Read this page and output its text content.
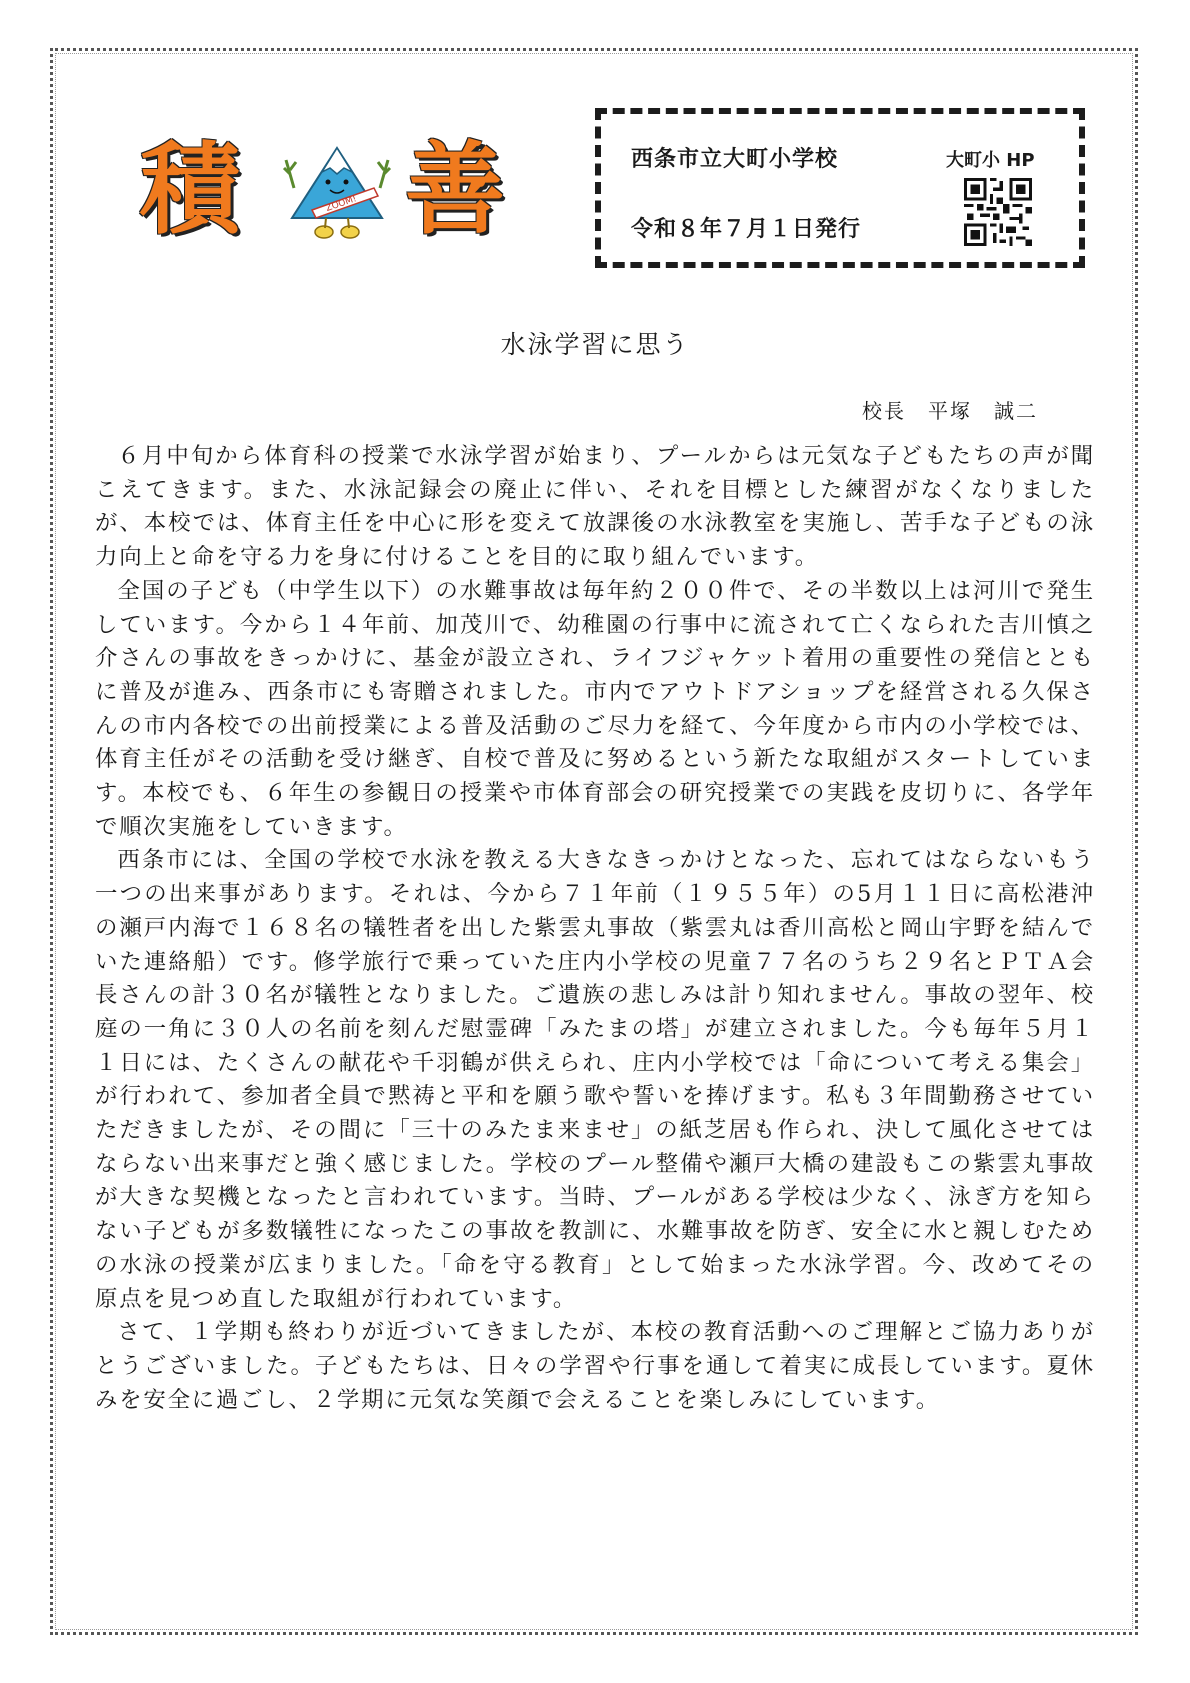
積	ZOOM! 善	西条市立大町小学校
令和８年７月１日発行
大町小 HP
水泳学習に思う
校長　平塚　誠二

６月中旬から体育科の授業で水泳学習が始まり、プールからは元気な子どもたちの声が聞こえてきます。また、水泳記録会の廃止に伴い、それを目標とした練習がなくなりましたが、本校では、体育主任を中心に形を変えて放課後の水泳教室を実施し、苦手な子どもの泳力向上と命を守る力を身に付けることを目的に取り組んでいます。

全国の子ども（中学生以下）の水難事故は毎年約２００件で、その半数以上は河川で発生しています。今から１４年前、加茂川で、幼稚園の行事中に流されて亡くなられた吉川慎之介さんの事故をきっかけに、基金が設立され、ライフジャケット着用の重要性の発信とともに普及が進み、西条市にも寄贈されました。市内でアウトドアショップを経営される久保さんの市内各校での出前授業による普及活動のご尽力を経て、今年度から市内の小学校では、体育主任がその活動を受け継ぎ、自校で普及に努めるという新たな取組がスタートしています。本校でも、６年生の参観日の授業や市体育部会の研究授業での実践を皮切りに、各学年で順次実施をしていきます。

西条市には、全国の学校で水泳を教える大きなきっかけとなった、忘れてはならないもう一つの出来事があります。それは、今から７１年前（１９５５年）の5月１１日に高松港沖の瀬戸内海で１６８名の犠牲者を出した紫雲丸事故（紫雲丸は香川高松と岡山宇野を結んでいた連絡船）です。修学旅行で乗っていた庄内小学校の児童７７名のうち２９名とＰＴＡ会長さんの計３０名が犠牲となりました。ご遺族の悲しみは計り知れません。事故の翌年、校庭の一角に３０人の名前を刻んだ慰霊碑「みたまの塔」が建立されました。今も毎年５月１１日には、たくさんの献花や千羽鶴が供えられ、庄内小学校では「命について考える集会」が行われて、参加者全員で黙祷と平和を願う歌や誓いを捧げます。私も３年間勤務させていただきましたが、その間に「三十のみたま来ませ」の紙芝居も作られ、決して風化させてはならない出来事だと強く感じました。学校のプール整備や瀬戸大橋の建設もこの紫雲丸事故が大きな契機となったと言われています。当時、プールがある学校は少なく、泳ぎ方を知らない子どもが多数犠牲になったこの事故を教訓に、水難事故を防ぎ、安全に水と親しむための水泳の授業が広まりました。「命を守る教育」として始まった水泳学習。今、改めてその原点を見つめ直した取組が行われています。

さて、１学期も終わりが近づいてきましたが、本校の教育活動へのご理解とご協力ありがとうございました。子どもたちは、日々の学習や行事を通して着実に成長しています。夏休みを安全に過ごし、２学期に元気な笑顔で会えることを楽しみにしています。
